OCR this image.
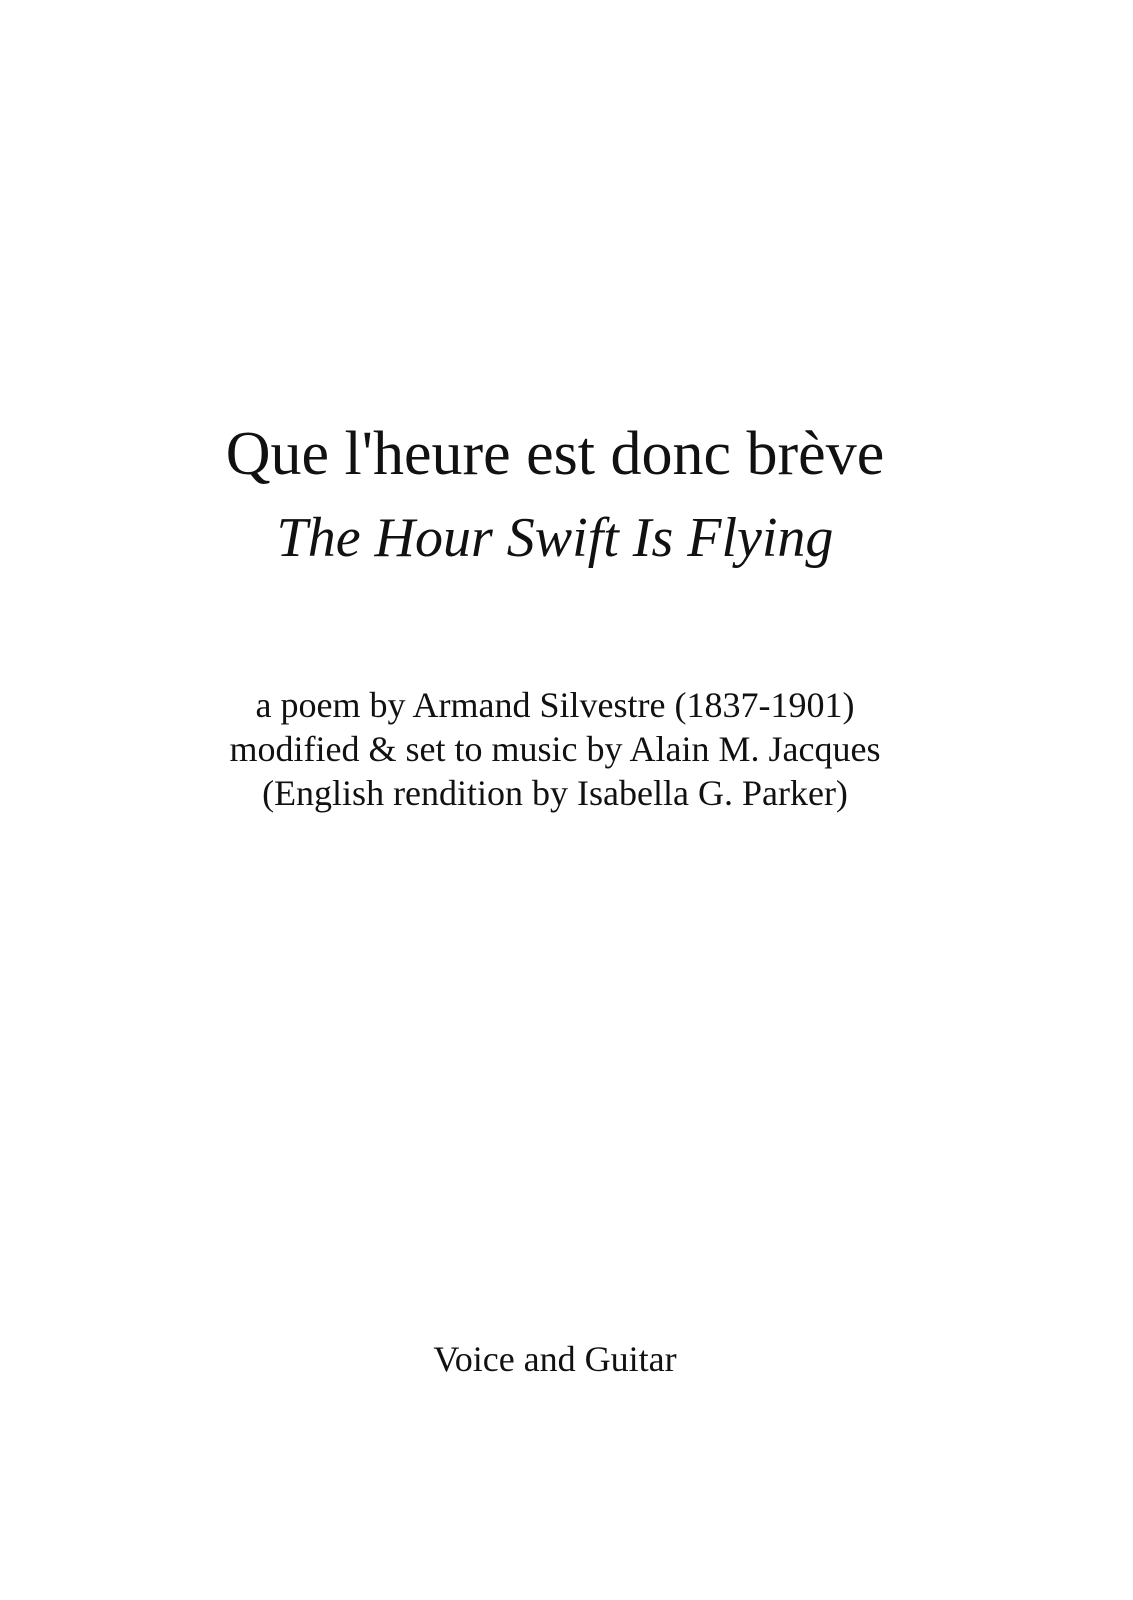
Que l'heure est donc brève
The Hour Swift Is Flying
a poem by Armand Silvestre (1837-1901)
modified & set to music by Alain M. Jacques
(English rendition by Isabella G. Parker)
Voice and Guitar
